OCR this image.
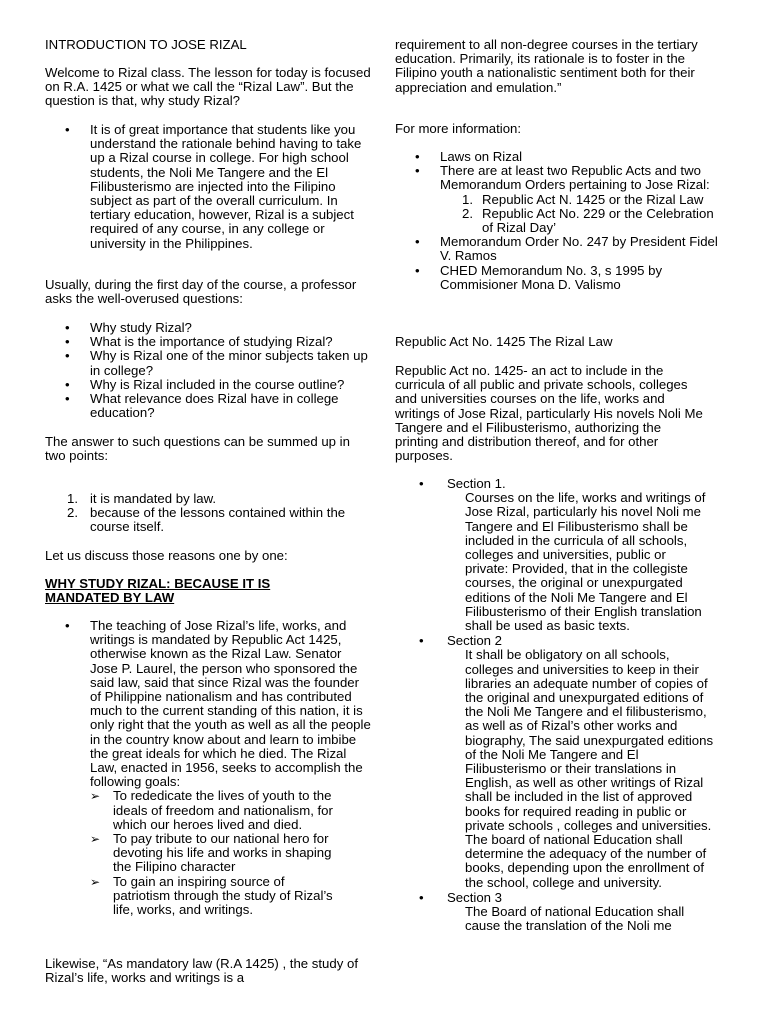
INTRODUCTION TO JOSE RIZAL

Welcome to Rizal class. The lesson for today is focused on R.A. 1425 or what we call the “Rizal Law”. But the question is that, why study Rizal?

• It is of great importance that students like you understand the rationale behind having to take up a Rizal course in college. For high school students, the Noli Me Tangere and the El Filibusterismo are injected into the Filipino subject as part of the overall curriculum. In tertiary education, however, Rizal is a subject required of any course, in any college or university in the Philippines.

Usually, during the first day of the course, a professor asks the well-overused questions:

• Why study Rizal?
• What is the importance of studying Rizal?
• Why is Rizal one of the minor subjects taken up in college?
• Why is Rizal included in the course outline?
• What relevance does Rizal have in college education?

The answer to such questions can be summed up in two points:

1. it is mandated by law.
2. because of the lessons contained within the course itself.

Let us discuss those reasons one by one:

WHY STUDY RIZAL: BECAUSE IT IS MANDATED BY LAW

• The teaching of Jose Rizal’s life, works, and writings is mandated by Republic Act 1425, otherwise known as the Rizal Law. Senator Jose P. Laurel, the person who sponsored the said law, said that since Rizal was the founder of Philippine nationalism and has contributed much to the current standing of this nation, it is only right that the youth as well as all the people in the country know about and learn to imbibe the great ideals for which he died. The Rizal Law, enacted in 1956, seeks to accomplish the following goals:
➢ To rededicate the lives of youth to the ideals of freedom and nationalism, for which our heroes lived and died.
➢ To pay tribute to our national hero for devoting his life and works in shaping the Filipino character
➢ To gain an inspiring source of patriotism through the study of Rizal’s life, works, and writings.

Likewise, “As mandatory law (R.A 1425) , the study of Rizal’s life, works and writings is a

requirement to all non-degree courses in the tertiary education. Primarily, its rationale is to foster in the Filipino youth a nationalistic sentiment both for their appreciation and emulation.”

For more information:

• Laws on Rizal
• There are at least two Republic Acts and two Memorandum Orders pertaining to Jose Rizal:
1. Republic Act N. 1425 or the Rizal Law
2. Republic Act No. 229 or the Celebration of Rizal Day’
• Memorandum Order No. 247 by President Fidel V. Ramos
• CHED Memorandum No. 3, s 1995 by Commisioner Mona D. Valismo

Republic Act No. 1425 The Rizal Law

Republic Act no. 1425- an act to include in the curricula of all public and private schools, colleges and universities courses on the life, works and writings of Jose Rizal, particularly His novels Noli Me Tangere and el Filibusterismo, authorizing the printing and distribution thereof, and for other purposes.

• Section 1.

Courses on the life, works and writings of Jose Rizal, particularly his novel Noli me Tangere and El Filibusterismo shall be included in the curricula of all schools, colleges and universities, public or private: Provided, that in the collegiste courses, the original or unexpurgated editions of the Noli Me Tangere and El Filibusterismo of their English translation shall be used as basic texts.

• Section 2

It shall be obligatory on all schools, colleges and universities to keep in their libraries an adequate number of copies of the original and unexpurgated editions of the Noli Me Tangere and el filibusterismo, as well as of Rizal’s other works and biography, The said unexpurgated editions of the Noli Me Tangere and El Filibusterismo or their translations in English, as well as other writings of Rizal shall be included in the list of approved books for required reading in public or private schools , colleges and universities. The board of national Education shall determine the adequacy of the number of books, depending upon the enrollment of the school, college and university.

• Section 3

The Board of national Education shall cause the translation of the Noli me
